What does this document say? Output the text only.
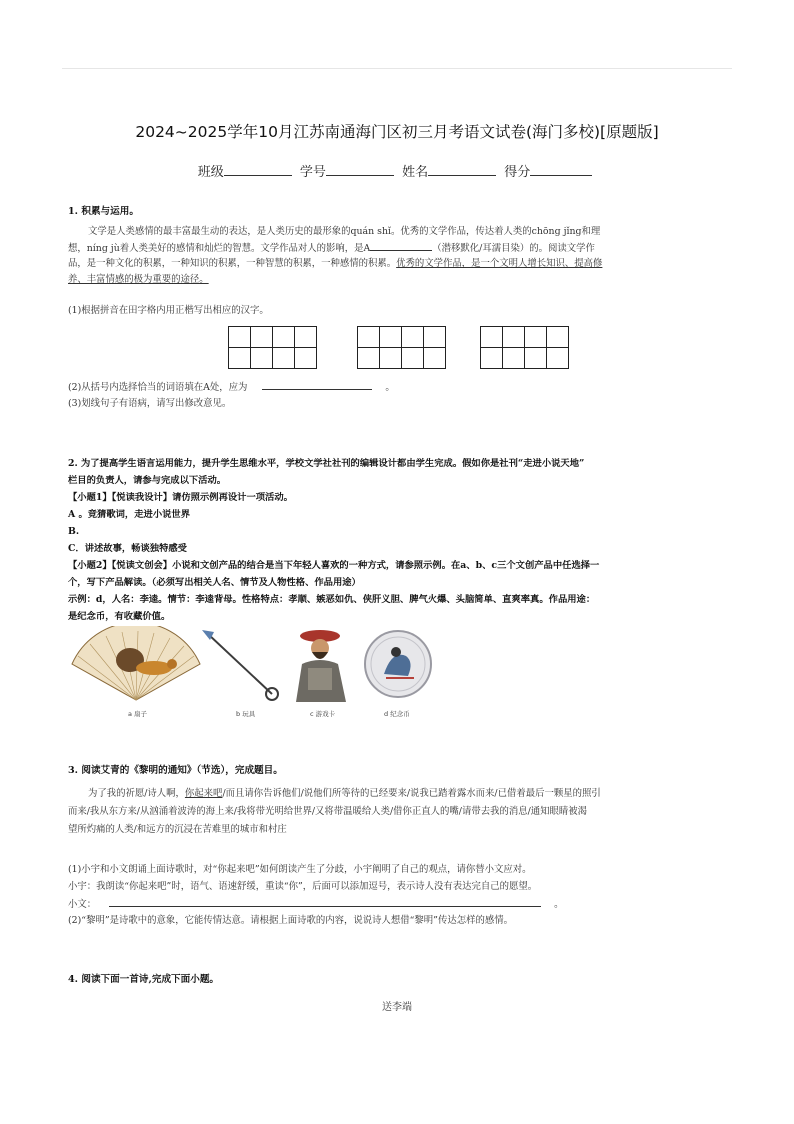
2024~2025学年10月江苏南通海门区初三月考语文试卷(海门多校)[原题版]
班级	学号	姓名	得分
1. 积累与运用。
文学是人类感情的最丰富最生动的表达，是人类历史的最形象的quán shǐ。优秀的文学作品，传达着人类的chōng jǐng和理
想，níng jù着人类美好的感情和灿烂的智慧。文学作品对人的影响，是A	（潜移默化/耳濡目染）的。阅读文学作
品，是一种文化的积累，一种知识的积累，一种智慧的积累，一种感情的积累。优秀的文学作品，是一个文明人增长知识、提高修
养、丰富情感的极为重要的途径。
(1)根据拼音在田字格内用正楷写出相应的汉字。
(2)从括号内选择恰当的词语填在A处，应为	。
(3)划线句子有语病，请写出修改意见。
2. 为了提高学生语言运用能力，提升学生思维水平，学校文学社社刊的编辑设计都由学生完成。假如你是社刊“走进小说天地”
栏目的负责人，请参与完成以下活动。
【小题1】【悦读我设计】请仿照示例再设计一项活动。
A 。竞猜歌词，走进小说世界
B.
C．讲述故事，畅谈独特感受
【小题2】【悦读文创会】小说和文创产品的结合是当下年轻人喜欢的一种方式，请参照示例。在a、b、c三个文创产品中任选择一
个，写下产品解读。（必须写出相关人名、情节及人物性格、作品用途）
示例：d，人名：李逵。情节：李逵背母。性格特点：孝顺、嫉恶如仇、侠肝义胆、脾气火爆、头脑简单、直爽率真。作品用途：
是纪念币，有收藏价值。
a 扇子	b 玩具	c 游戏卡	d 纪念币
3. 阅读艾青的《黎明的通知》（节选），完成题目。
为了我的祈愿/诗人啊，你起来吧/而且请你告诉他们/说他们所等待的已经要来/说我已踏着露水而来/已借着最后一颗星的照引
而来/我从东方来/从汹涌着波涛的海上来/我将带光明给世界/又将带温暖给人类/借你正直人的嘴/请带去我的消息/通知眼睛被渴
望所灼痛的人类/和远方的沉浸在苦难里的城市和村庄
(1)小宇和小文朗诵上面诗歌时，对“你起来吧”如何朗读产生了分歧，小宇阐明了自己的观点，请你替小文应对。
小宇：我朗读“你起来吧”时，语气、语速舒缓，重读“你”，后面可以添加逗号，表示诗人没有表达完自己的愿望。
小文：	。
(2)“黎明”是诗歌中的意象，它能传情达意。请根据上面诗歌的内容，说说诗人想借“黎明”传达怎样的感情。
4. 阅读下面一首诗,完成下面小题。
送李端
